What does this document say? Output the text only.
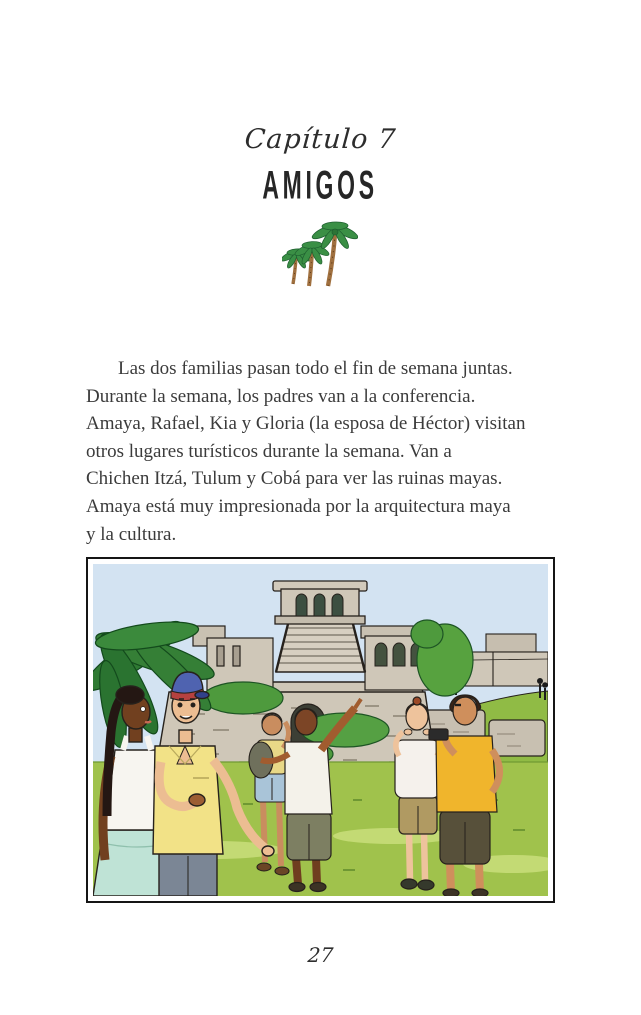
Capítulo 7
AMIGOS
Las dos familias pasan todo el fin de semana juntas.
Durante la semana, los padres van a la conferencia.
Amaya, Rafael, Kia y Gloria (la esposa de Héctor) visitan
otros lugares turísticos durante la semana. Van a
Chichen Itzá, Tulum y Cobá para ver las ruinas mayas.
Amaya está muy impresionada por la arquitectura maya
y la cultura.
27
